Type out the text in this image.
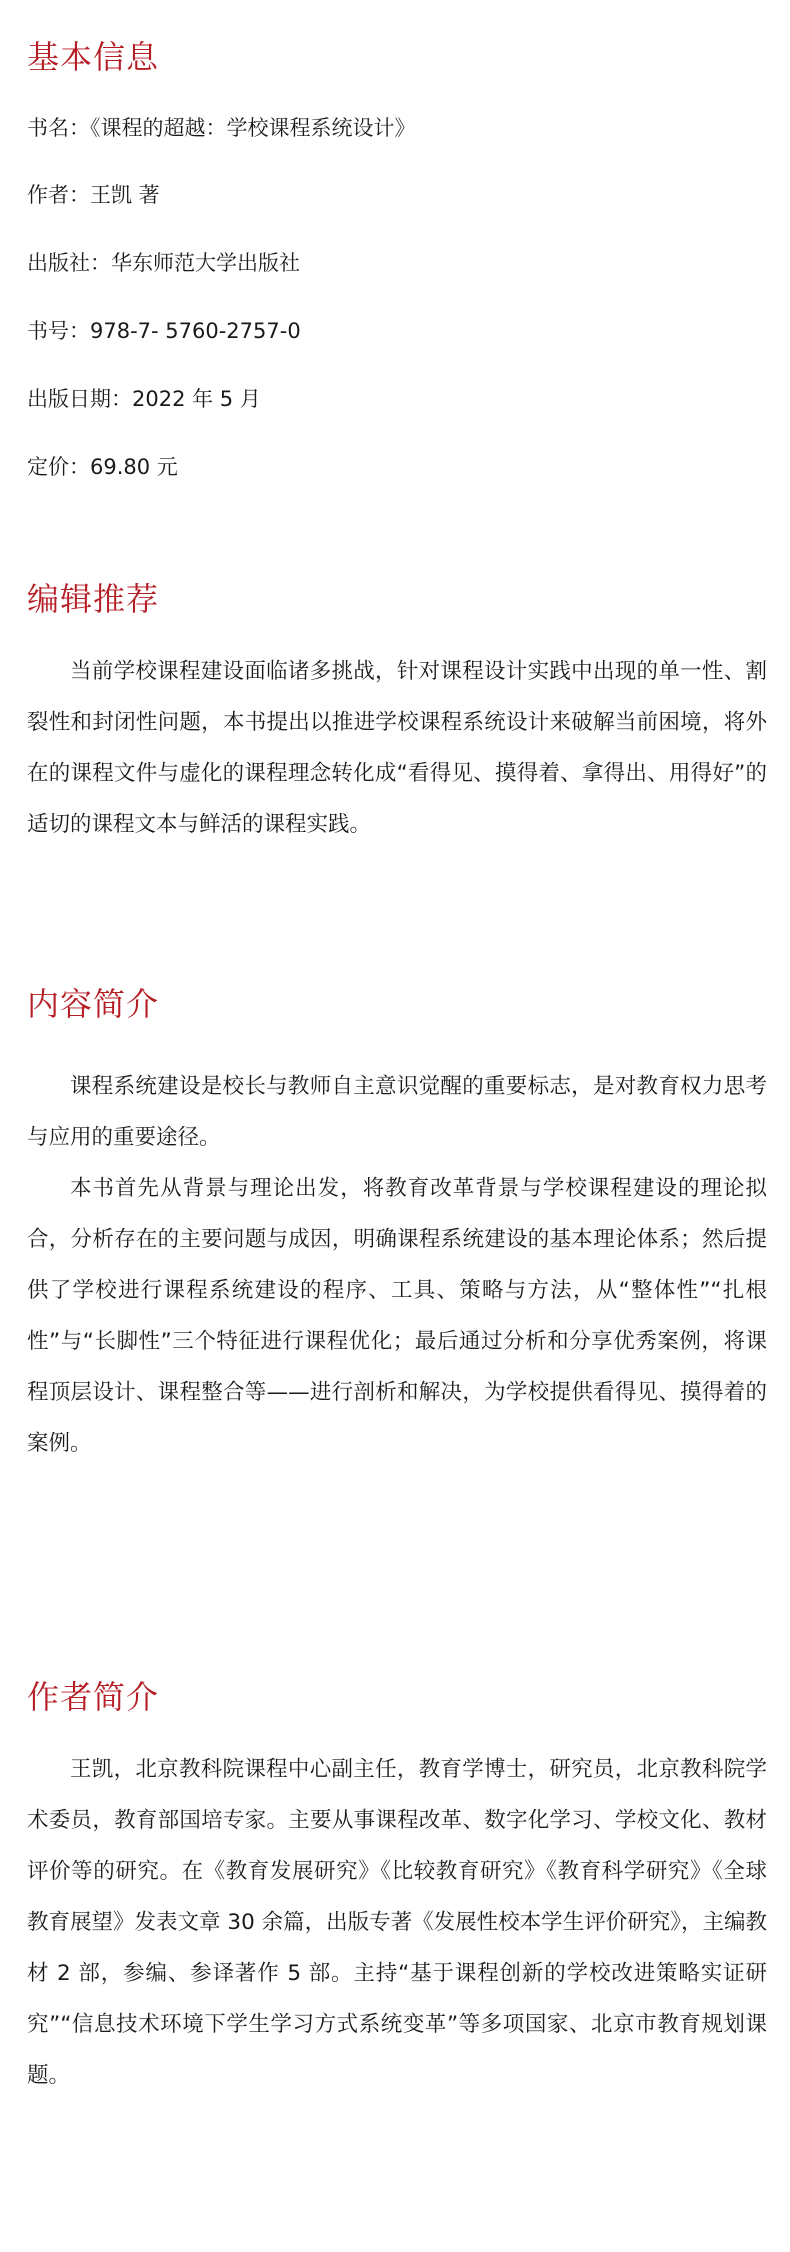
基本信息
书名：《课程的超越：学校课程系统设计》
作者：王凯 著
出版社：华东师范大学出版社
书号：978-7- 5760-2757-0
出版日期：2022 年 5 月
定价：69.80 元
编辑推荐

当前学校课程建设面临诸多挑战，针对课程设计实践中出现的单一性、割裂性和封闭性问题，本书提出以推进学校课程系统设计来破解当前困境，将外在的课程文件与虚化的课程理念转化成“看得见、摸得着、拿得出、用得好”的适切的课程文本与鲜活的课程实践。

内容简介

课程系统建设是校长与教师自主意识觉醒的重要标志，是对教育权力思考与应用的重要途径。

本书首先从背景与理论出发，将教育改革背景与学校课程建设的理论拟合，分析存在的主要问题与成因，明确课程系统建设的基本理论体系；然后提供了学校进行课程系统建设的程序、工具、策略与方法，从“整体性”“扎根性”与“长脚性”三个特征进行课程优化；最后通过分析和分享优秀案例，将课程顶层设计、课程整合等——进行剖析和解决，为学校提供看得见、摸得着的案例。

作者简介

王凯，北京教科院课程中心副主任，教育学博士，研究员，北京教科院学术委员，教育部国培专家。主要从事课程改革、数字化学习、学校文化、教材评价等的研究。在《教育发展研究》《比较教育研究》《教育科学研究》《全球教育展望》发表文章 30 余篇，出版专著《发展性校本学生评价研究》，主编教材 2 部，参编、参译著作 5 部。主持“基于课程创新的学校改进策略实证研究”“信息技术环境下学生学习方式系统变革”等多项国家、北京市教育规划课题。
